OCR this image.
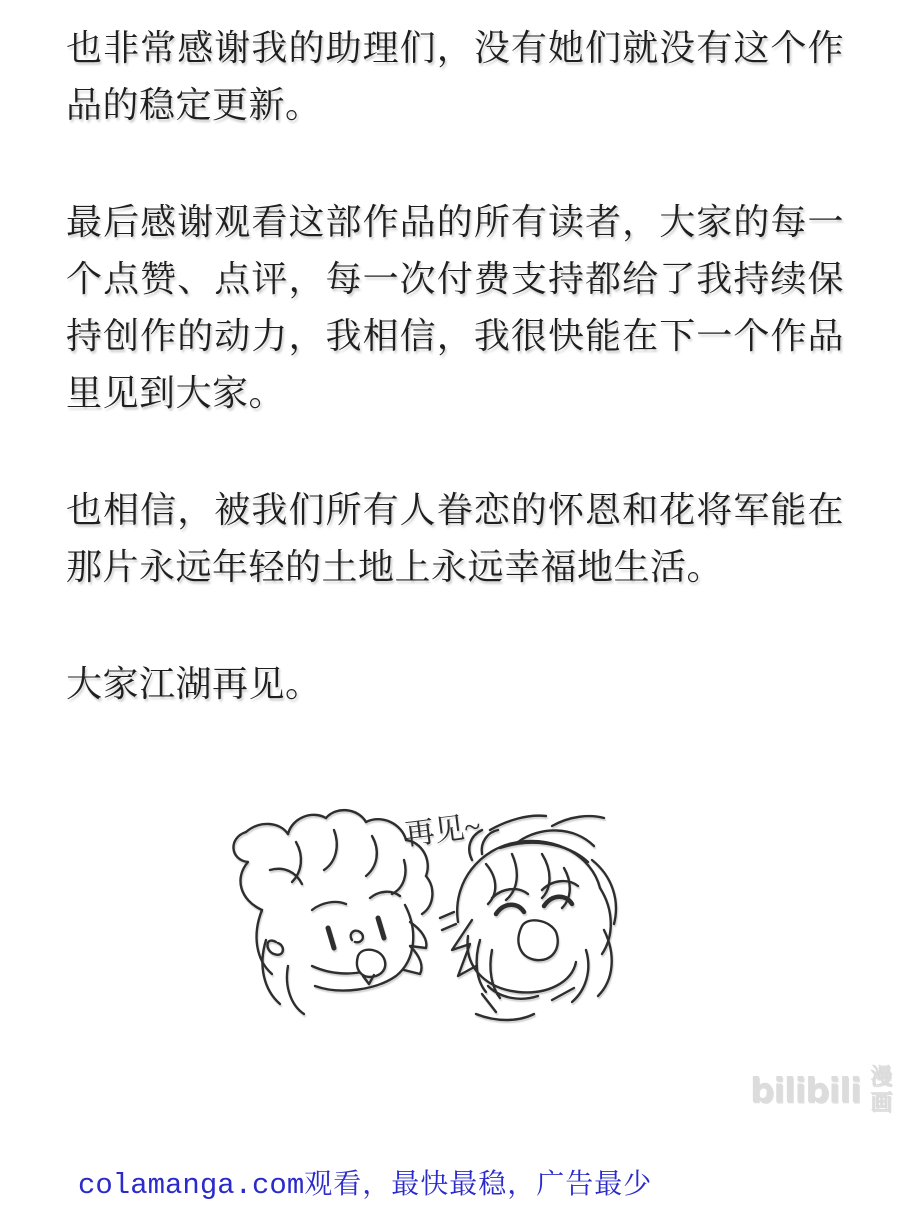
也非常感谢我的助理们，没有她们就没有这个作品的稳定更新。

最后感谢观看这部作品的所有读者，大家的每一个点赞、点评，每一次付费支持都给了我持续保持创作的动力，我相信，我很快能在下一个作品里见到大家。

也相信，被我们所有人眷恋的怀恩和花将军能在那片永远年轻的土地上永远幸福地生活。

大家江湖再见。

再见~
bilibili 漫画
colamanga.com观看，最快最稳，广告最少
